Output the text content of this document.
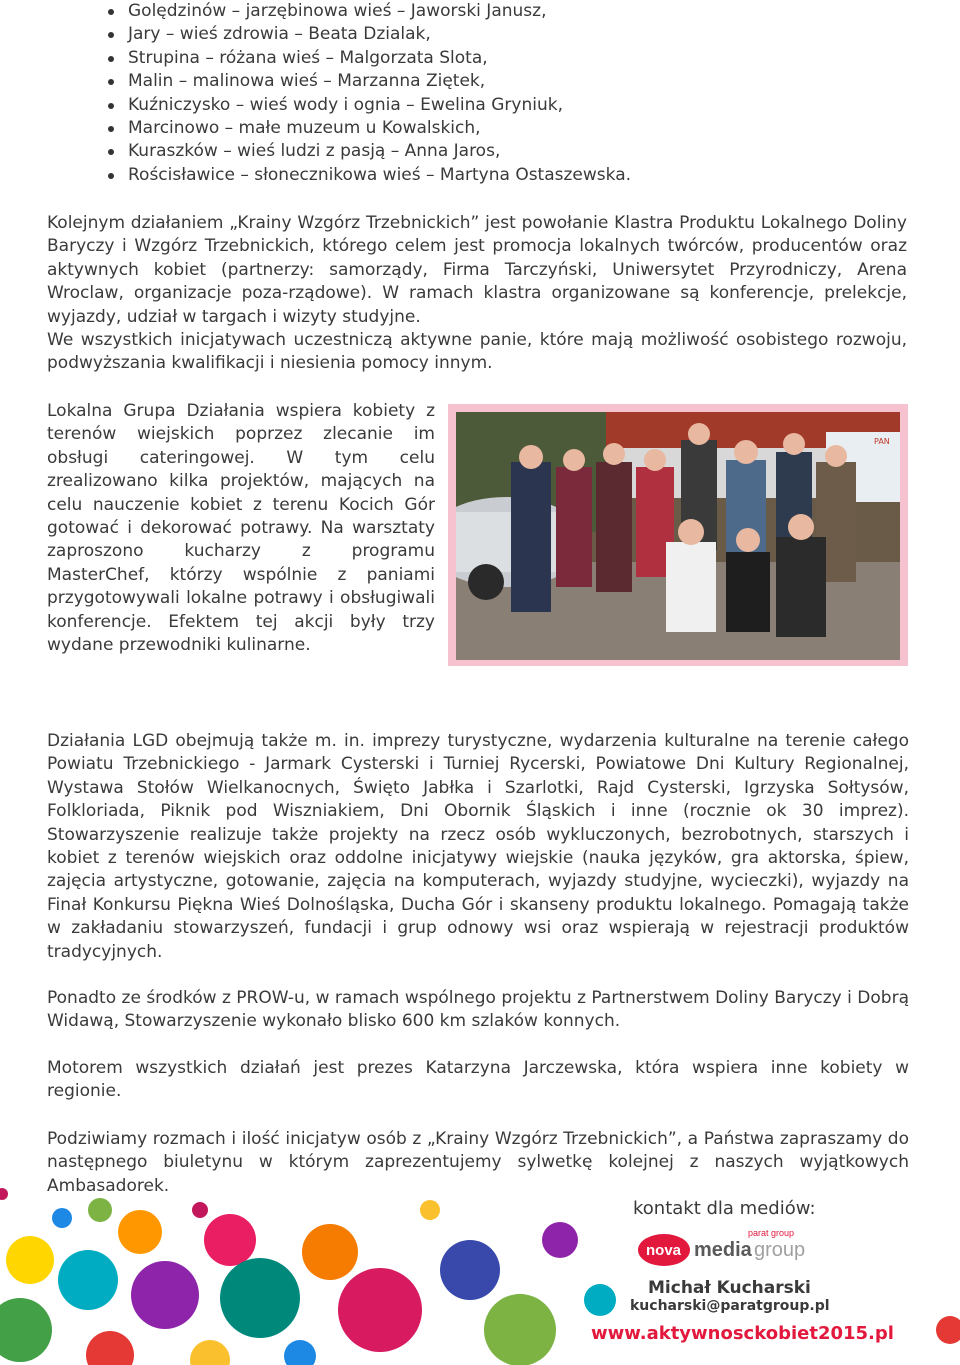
Golędzinów – jarzębinowa wieś – Jaworski Janusz,
Jary – wieś zdrowia – Beata Dzialak,
Strupina – różana wieś – Malgorzata Slota,
Malin – malinowa wieś – Marzanna Ziętek,
Kuźniczysko – wieś wody i ognia – Ewelina Gryniuk,
Marcinowo – małe muzeum u Kowalskich,
Kuraszków – wieś ludzi z pasją – Anna Jaros,
Rościsławice – słonecznikowa wieś – Martyna Ostaszewska.
Kolejnym działaniem „Krainy Wzgórz Trzebnickich” jest powołanie Klastra Produktu Lokalnego Doliny Baryczy i Wzgórz Trzebnickich, którego celem jest promocja lokalnych twórców, producentów oraz aktywnych kobiet (partnerzy: samorządy, Firma Tarczyński, Uniwersytet Przyrodniczy, Arena Wroclaw, organizacje poza-rządowe). W ramach klastra organizowane są konferencje, prelekcje, wyjazdy, udział w targach i wizyty studyjne.
We wszystkich inicjatywach uczestniczą aktywne panie, które mają możliwość osobistego rozwoju, podwyższania kwalifikacji i niesienia pomocy innym.

Lokalna Grupa Działania wspiera kobiety z terenów wiejskich poprzez zlecanie im obsługi cateringowej. W tym celu zrealizowano kilka projektów, mających na celu nauczenie kobiet z terenu Kocich Gór gotować i dekorować potrawy. Na warsztaty zaproszono kucharzy z programu MasterChef, którzy wspólnie z paniami przygotowywali lokalne potrawy i obsługiwali konferencje. Efektem tej akcji były trzy wydane przewodniki kulinarne.

PAN
Działania LGD obejmują także m. in. imprezy turystyczne, wydarzenia kulturalne na terenie całego Powiatu Trzebnickiego - Jarmark Cysterski i Turniej Rycerski, Powiatowe Dni Kultury Regionalnej, Wystawa Stołów Wielkanocnych, Święto Jabłka i Szarlotki, Rajd Cysterski, Igrzyska Sołtysów, Folkloriada, Piknik pod Wiszniakiem, Dni Obornik Śląskich i inne (rocznie ok 30 imprez). Stowarzyszenie realizuje także projekty na rzecz osób wykluczonych, bezrobotnych, starszych i kobiet z terenów wiejskich oraz oddolne inicjatywy wiejskie (nauka języków, gra aktorska, śpiew, zajęcia artystyczne, gotowanie, zajęcia na komputerach, wyjazdy studyjne, wycieczki), wyjazdy na Finał Konkursu Piękna Wieś Dolnośląska, Ducha Gór i skanseny produktu lokalnego. Pomagają także w zakładaniu stowarzyszeń, fundacji i grup odnowy wsi oraz wspierają w rejestracji produktów tradycyjnych.
Ponadto ze środków z PROW-u, w ramach wspólnego projektu z Partnerstwem Doliny Baryczy i Dobrą Widawą, Stowarzyszenie wykonało blisko 600 km szlaków konnych.
Motorem wszystkich działań jest prezes Katarzyna Jarczewska, która wspiera inne kobiety w regionie.
Podziwiamy rozmach i ilość inicjatyw osób z „Krainy Wzgórz Trzebnickich”, a Państwa zapraszamy do następnego biuletynu w którym zaprezentujemy sylwetkę kolejnej z naszych wyjątkowych Ambasadorek.
kontakt dla mediów:
nova media group
parat group
Michał Kucharski
kucharski@paratgroup.pl
www.aktywnosckobiet2015.pl
